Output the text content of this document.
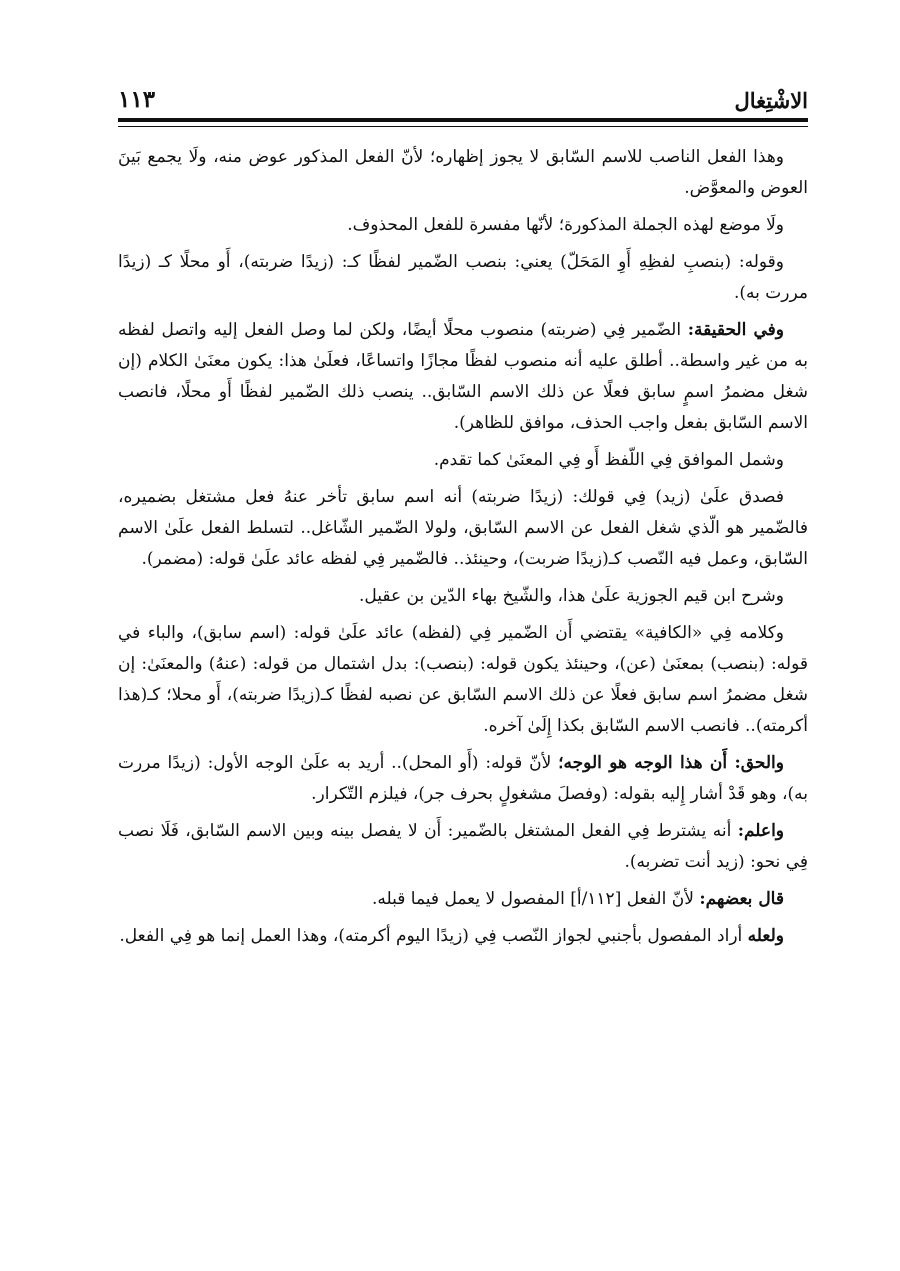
الاشْتِغال
١١٣

وهذا الفعل الناصب للاسم السّابق لا يجوز إظهاره؛ لأنّ الفعل المذكور عوض منه، ولَا يجمع بَينَ العوض والمعوَّض.

ولَا موضع لهذه الجملة المذكورة؛ لأنّها مفسرة للفعل المحذوف.

وقوله: (بنصبِ لفظِهِ أَوِ المَحَلّ) يعني: بنصب الضّمير لفظًا كـ: (زيدًا ضربته)، أَو محلًا كـ (زيدًا مررت به).

وفي الحقيقة: الضّمير فِي (ضربته) منصوب محلًا أيضًا، ولكن لما وصل الفعل إليه واتصل لفظه به من غير واسطة.. أطلق عليه أنه منصوب لفظًا مجازًا واتساعًا، فعلَىٰ هذا: يكون معنَىٰ الكلام (إن شغل مضمرُ اسمٍ سابق فعلًا عن ذلك الاسم السّابق.. ينصب ذلك الضّمير لفظًا أَو محلًا، فانصب الاسم السّابق بفعل واجب الحذف، موافق للظاهر).

وشمل الموافق فِي اللّفظ أَو فِي المعنَىٰ كما تقدم.

فصدق علَىٰ (زيد) فِي قولك: (زيدًا ضربته) أنه اسم سابق تأخر عنهُ فعل مشتغل بضميره، فالضّمير هو الّذي شغل الفعل عن الاسم السّابق، ولولا الضّمير الشّاغل.. لتسلط الفعل علَىٰ الاسم السّابق، وعمل فيه النّصب كـ(زيدًا ضربت)، وحينئذ.. فالضّمير فِي لفظه عائد علَىٰ قوله: (مضمر).

وشرح ابن قيم الجوزية علَىٰ هذا، والشّيخ بهاء الدّين بن عقيل.

وكلامه فِي «الكافية» يقتضي أَن الضّمير فِي (لفظه) عائد علَىٰ قوله: (اسم سابق)، والباء في قوله: (بنصب) بمعنَىٰ (عن)، وحينئذ يكون قوله: (بنصب): بدل اشتمال من قوله: (عنهُ) والمعنَىٰ: إن شغل مضمرُ اسم سابق فعلًا عن ذلك الاسم السّابق عن نصبه لفظًا كـ(زيدًا ضربته)، أَو محلا؛ كـ(هذا أكرمته).. فانصب الاسم السّابق بكذا إِلَىٰ آخره.

والحق: أَن هذا الوجه هو الوجه؛ لأنّ قوله: (أَو المحل).. أريد به علَىٰ الوجه الأول: (زيدًا مررت به)، وهو قَدْ أشار إِليه بقوله: (وفصلَ مشغولٍ بحرف جر)، فيلزم التّكرار.

واعلم: أنه يشترط فِي الفعل المشتغل بالضّمير: أَن لا يفصل بينه وبين الاسم السّابق، فَلَا نصب فِي نحو: (زيد أنت تضربه).

قال بعضهم: لأنّ الفعل [١١٢/أ] المفصول لا يعمل فيما قبله.

ولعله أراد المفصول بأجنبي لجواز النّصب فِي (زيدًا اليوم أكرمته)، وهذا العمل إنما هو فِي الفعل.
